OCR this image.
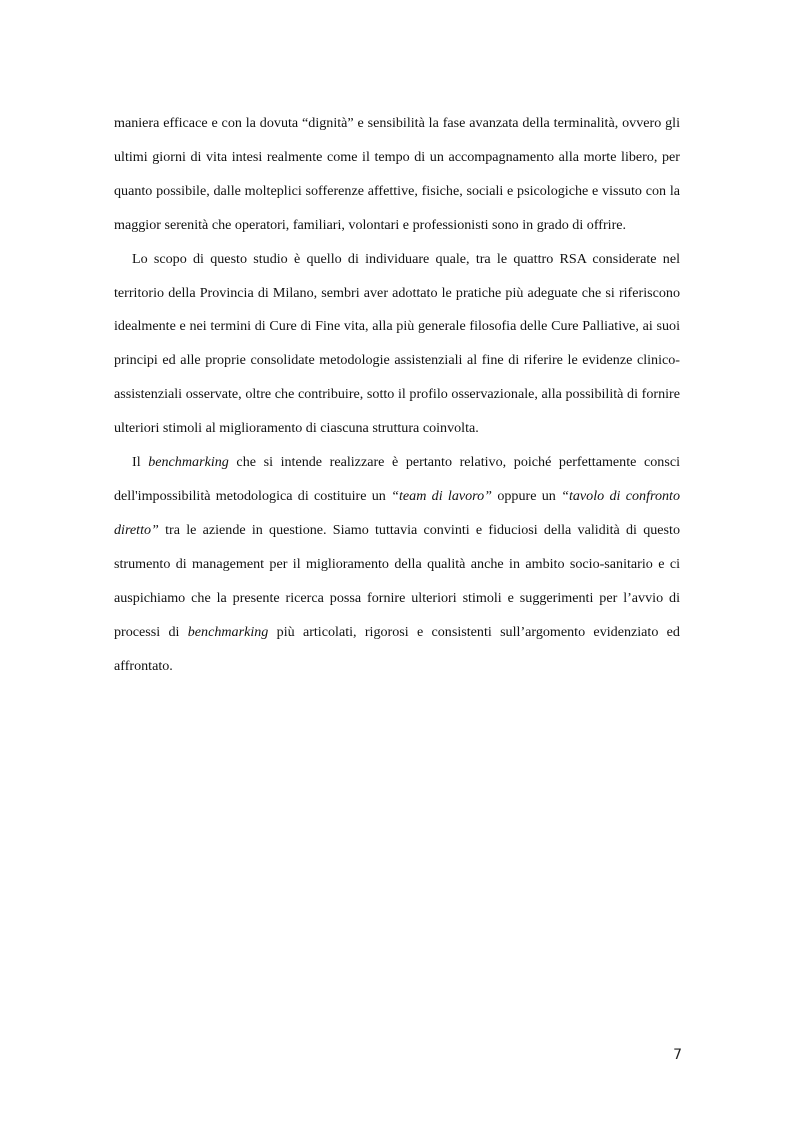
maniera efficace e con la dovuta “dignità” e sensibilità la fase avanzata della terminalità, ovvero gli ultimi giorni di vita intesi realmente come il tempo di un accompagnamento alla morte libero, per quanto possibile, dalle molteplici sofferenze affettive, fisiche, sociali e psicologiche e vissuto con la maggior serenità che operatori, familiari, volontari e professionisti sono in grado di offrire.

Lo scopo di questo studio è quello di individuare quale, tra le quattro RSA considerate nel territorio della Provincia di Milano, sembri aver adottato le pratiche più adeguate che si riferiscono idealmente e nei termini di Cure di Fine vita, alla più generale filosofia delle Cure Palliative, ai suoi principi ed alle proprie consolidate metodologie assistenziali al fine di riferire le evidenze clinico-assistenziali osservate, oltre che contribuire, sotto il profilo osservazionale, alla possibilità di fornire ulteriori stimoli al miglioramento di ciascuna struttura coinvolta.

Il benchmarking che si intende realizzare è pertanto relativo, poiché perfettamente consci dell'impossibilità metodologica di costituire un “team di lavoro” oppure un “tavolo di confronto diretto” tra le aziende in questione. Siamo tuttavia convinti e fiduciosi della validità di questo strumento di management per il miglioramento della qualità anche in ambito socio-sanitario e ci auspichiamo che la presente ricerca possa fornire ulteriori stimoli e suggerimenti per l’avvio di processi di benchmarking più articolati, rigorosi e consistenti sull’argomento evidenziato ed affrontato.

7
